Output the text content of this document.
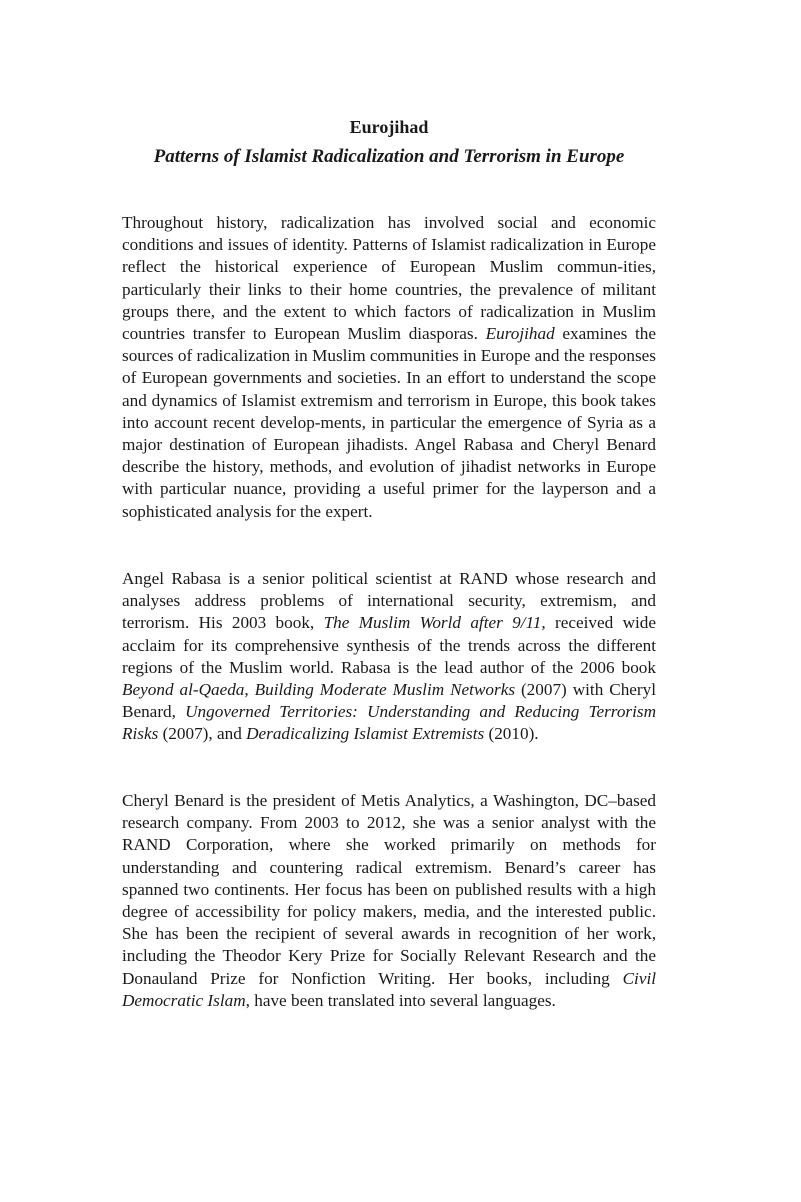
Eurojihad
Patterns of Islamist Radicalization and Terrorism in Europe

Throughout history, radicalization has involved social and economic conditions and issues of identity. Patterns of Islamist radicalization in Europe reflect the historical experience of European Muslim commun-ities, particularly their links to their home countries, the prevalence of militant groups there, and the extent to which factors of radicalization in Muslim countries transfer to European Muslim diasporas. Eurojihad examines the sources of radicalization in Muslim communities in Europe and the responses of European governments and societies. In an effort to understand the scope and dynamics of Islamist extremism and terrorism in Europe, this book takes into account recent develop-ments, in particular the emergence of Syria as a major destination of European jihadists. Angel Rabasa and Cheryl Benard describe the history, methods, and evolution of jihadist networks in Europe with particular nuance, providing a useful primer for the layperson and a sophisticated analysis for the expert.

Angel Rabasa is a senior political scientist at RAND whose research and analyses address problems of international security, extremism, and terrorism. His 2003 book, The Muslim World after 9/11, received wide acclaim for its comprehensive synthesis of the trends across the different regions of the Muslim world. Rabasa is the lead author of the 2006 book Beyond al-Qaeda, Building Moderate Muslim Networks (2007) with Cheryl Benard, Ungoverned Territories: Understanding and Reducing Terrorism Risks (2007), and Deradicalizing Islamist Extremists (2010).

Cheryl Benard is the president of Metis Analytics, a Washington, DC–based research company. From 2003 to 2012, she was a senior analyst with the RAND Corporation, where she worked primarily on methods for understanding and countering radical extremism. Benard’s career has spanned two continents. Her focus has been on published results with a high degree of accessibility for policy makers, media, and the interested public. She has been the recipient of several awards in recognition of her work, including the Theodor Kery Prize for Socially Relevant Research and the Donauland Prize for Nonfiction Writing. Her books, including Civil Democratic Islam, have been translated into several languages.
